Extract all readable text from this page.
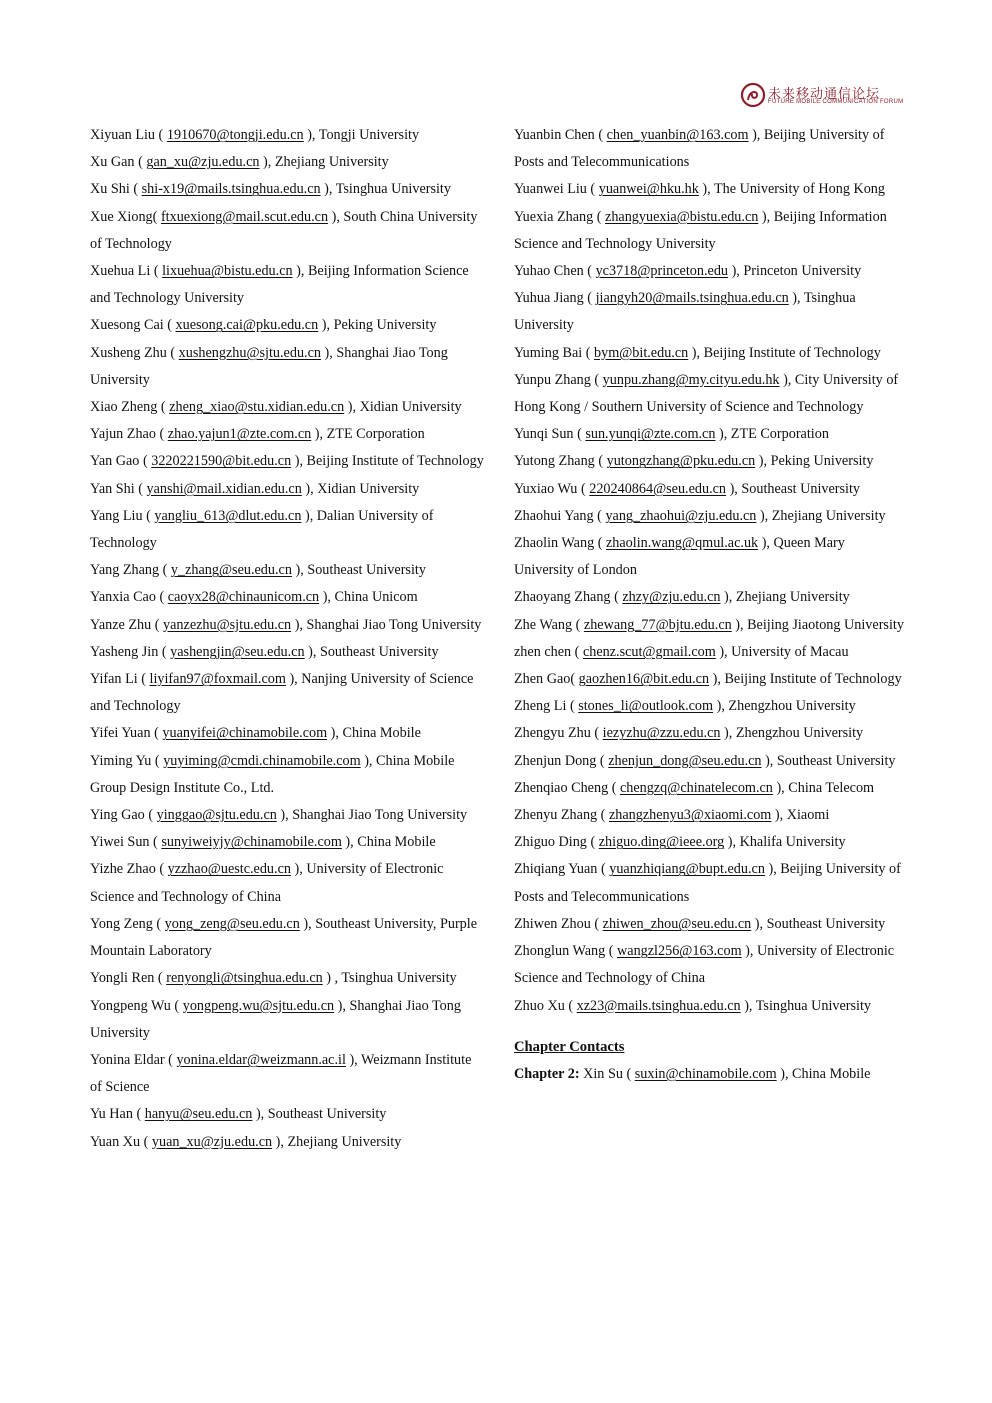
未来移动通信论坛
FUTURE MOBILE COMMUNICATION FORUM

Xiyuan Liu ( 1910670@tongji.edu.cn ), Tongji University

Xu Gan ( gan_xu@zju.edu.cn ), Zhejiang University

Xu Shi ( shi-x19@mails.tsinghua.edu.cn ), Tsinghua University

Xue Xiong( ftxuexiong@mail.scut.edu.cn ), South China University of Technology

Xuehua Li ( lixuehua@bistu.edu.cn ), Beijing Information Science and Technology University

Xuesong Cai ( xuesong.cai@pku.edu.cn ), Peking University

Xusheng Zhu ( xushengzhu@sjtu.edu.cn ), Shanghai Jiao Tong University

Xiao Zheng ( zheng_xiao@stu.xidian.edu.cn ), Xidian University

Yajun Zhao ( zhao.yajun1@zte.com.cn ), ZTE Corporation

Yan Gao ( 3220221590@bit.edu.cn ), Beijing Institute of Technology

Yan Shi ( yanshi@mail.xidian.edu.cn ), Xidian University

Yang Liu ( yangliu_613@dlut.edu.cn ), Dalian University of Technology

Yang Zhang ( y_zhang@seu.edu.cn ), Southeast University

Yanxia Cao ( caoyx28@chinaunicom.cn ), China Unicom

Yanze Zhu ( yanzezhu@sjtu.edu.cn ), Shanghai Jiao Tong University

Yasheng Jin ( yashengjin@seu.edu.cn ), Southeast University

Yifan Li ( liyifan97@foxmail.com ), Nanjing University of Science and Technology

Yifei Yuan ( yuanyifei@chinamobile.com ), China Mobile

Yiming Yu ( yuyiming@cmdi.chinamobile.com ), China Mobile Group Design Institute Co., Ltd.

Ying Gao ( yinggao@sjtu.edu.cn ), Shanghai Jiao Tong University

Yiwei Sun ( sunyiweiyjy@chinamobile.com ), China Mobile

Yizhe Zhao ( yzzhao@uestc.edu.cn ), University of Electronic Science and Technology of China

Yong Zeng ( yong_zeng@seu.edu.cn ), Southeast University, Purple Mountain Laboratory

Yongli Ren ( renyongli@tsinghua.edu.cn ) , Tsinghua University

Yongpeng Wu ( yongpeng.wu@sjtu.edu.cn ), Shanghai Jiao Tong University

Yonina Eldar ( yonina.eldar@weizmann.ac.il ), Weizmann Institute of Science

Yu Han ( hanyu@seu.edu.cn ), Southeast University

Yuan Xu ( yuan_xu@zju.edu.cn ), Zhejiang University

Yuanbin Chen ( chen_yuanbin@163.com ), Beijing University of Posts and Telecommunications

Yuanwei Liu ( yuanwei@hku.hk ), The University of Hong Kong

Yuexia Zhang ( zhangyuexia@bistu.edu.cn ), Beijing Information Science and Technology University

Yuhao Chen ( yc3718@princeton.edu ), Princeton University

Yuhua Jiang ( jiangyh20@mails.tsinghua.edu.cn ), Tsinghua University

Yuming Bai ( bym@bit.edu.cn ), Beijing Institute of Technology

Yunpu Zhang ( yunpu.zhang@my.cityu.edu.hk ), City University of Hong Kong / Southern University of Science and Technology

Yunqi Sun ( sun.yunqi@zte.com.cn ), ZTE Corporation

Yutong Zhang ( yutongzhang@pku.edu.cn ), Peking University

Yuxiao Wu ( 220240864@seu.edu.cn ), Southeast University

Zhaohui Yang ( yang_zhaohui@zju.edu.cn ), Zhejiang University

Zhaolin Wang ( zhaolin.wang@qmul.ac.uk ), Queen Mary University of London

Zhaoyang Zhang ( zhzy@zju.edu.cn ), Zhejiang University

Zhe Wang ( zhewang_77@bjtu.edu.cn ), Beijing Jiaotong University

zhen chen ( chenz.scut@gmail.com ), University of Macau

Zhen Gao( gaozhen16@bit.edu.cn ), Beijing Institute of Technology

Zheng Li ( stones_li@outlook.com ), Zhengzhou University

Zhengyu Zhu ( iezyzhu@zzu.edu.cn ), Zhengzhou University

Zhenjun Dong ( zhenjun_dong@seu.edu.cn ), Southeast University

Zhenqiao Cheng ( chengzq@chinatelecom.cn ), China Telecom

Zhenyu Zhang ( zhangzhenyu3@xiaomi.com ), Xiaomi

Zhiguo Ding ( zhiguo.ding@ieee.org ), Khalifa University

Zhiqiang Yuan ( yuanzhiqiang@bupt.edu.cn ), Beijing University of Posts and Telecommunications

Zhiwen Zhou ( zhiwen_zhou@seu.edu.cn ), Southeast University

Zhonglun Wang ( wangzl256@163.com ), University of Electronic Science and Technology of China

Zhuo Xu ( xz23@mails.tsinghua.edu.cn ), Tsinghua University

Chapter Contacts

Chapter 2: Xin Su ( suxin@chinamobile.com ), China Mobile
